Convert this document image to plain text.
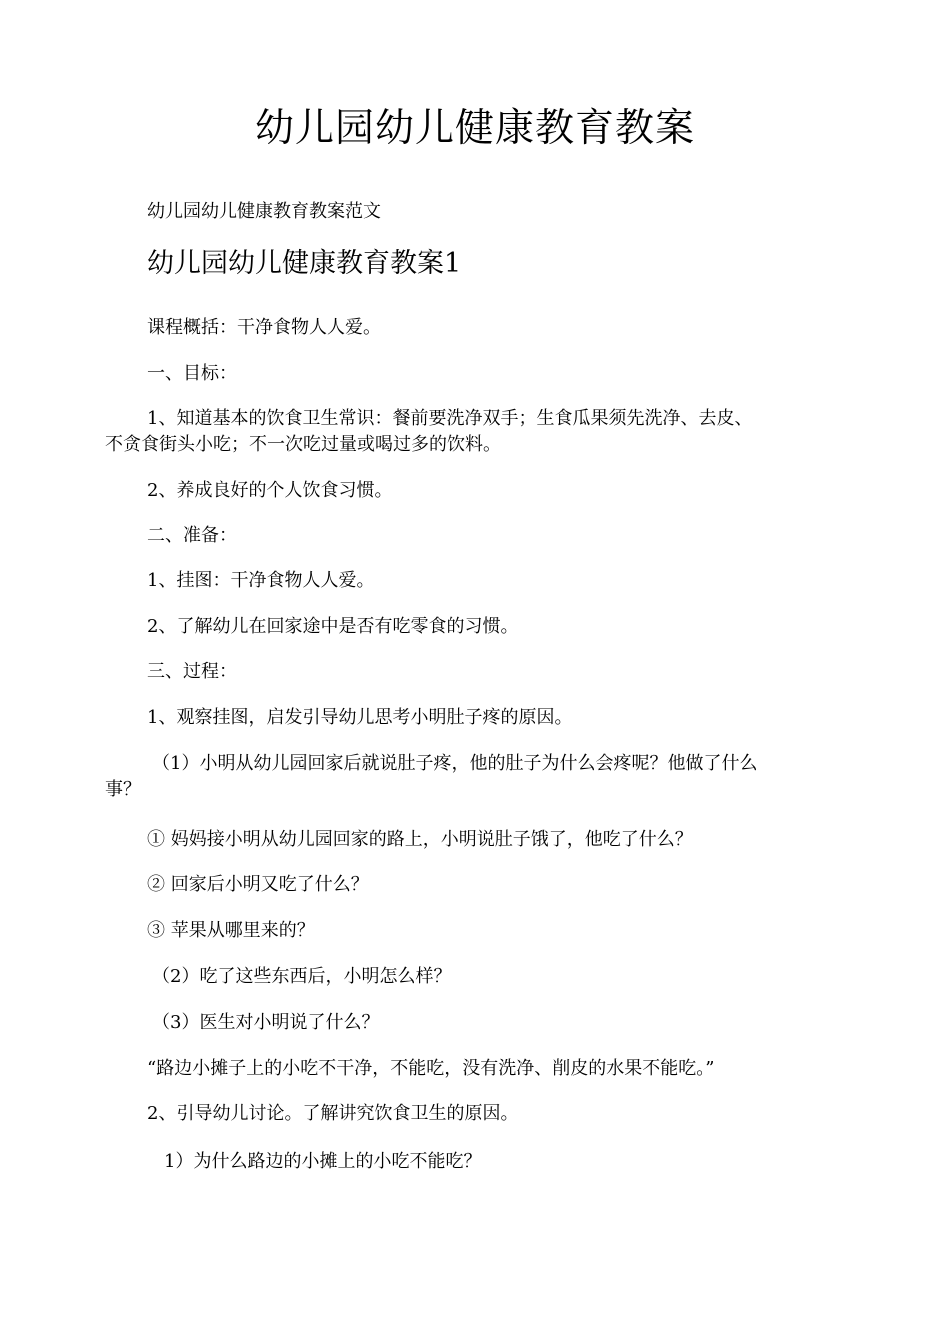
幼儿园幼儿健康教育教案
幼儿园幼儿健康教育教案范文
幼儿园幼儿健康教育教案1
课程概括：干净食物人人爱。
一、目标：
1、知道基本的饮食卫生常识：餐前要洗净双手；生食瓜果须先洗净、去皮、
不贪食街头小吃；不一次吃过量或喝过多的饮料。
2、养成良好的个人饮食习惯。
二、准备：
1、挂图：干净食物人人爱。
2、了解幼儿在回家途中是否有吃零食的习惯。
三、过程：
1、观察挂图，启发引导幼儿思考小明肚子疼的原因。
（1）小明从幼儿园回家后就说肚子疼，他的肚子为什么会疼呢？他做了什么
事？
① 妈妈接小明从幼儿园回家的路上，小明说肚子饿了，他吃了什么？
② 回家后小明又吃了什么？
③ 苹果从哪里来的？
（2）吃了这些东西后，小明怎么样？
（3）医生对小明说了什么？
“路边小摊子上的小吃不干净，不能吃，没有洗净、削皮的水果不能吃。”
2、引导幼儿讨论。了解讲究饮食卫生的原因。
1）为什么路边的小摊上的小吃不能吃？
